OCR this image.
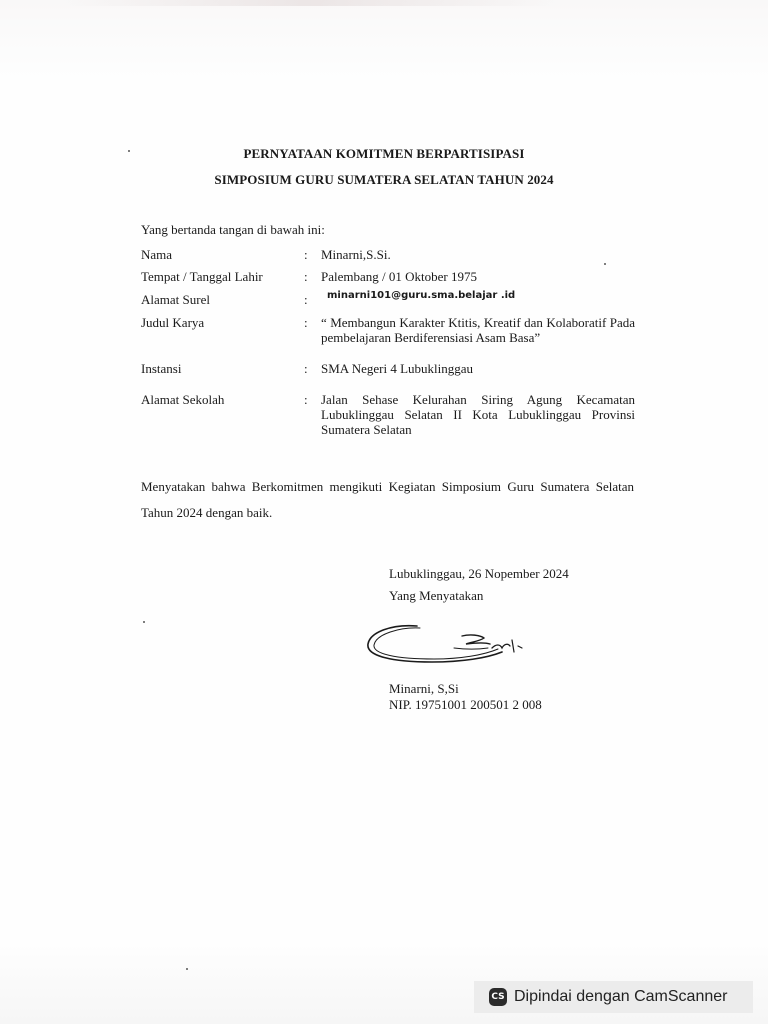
PERNYATAAN KOMITMEN BERPARTISIPASI
SIMPOSIUM GURU SUMATERA SELATAN TAHUN 2024
Yang bertanda tangan di bawah ini:
Nama	: Minarni,S.Si.
Tempat / Tanggal Lahir	: Palembang / 01 Oktober 1975
Alamat Surel	: minarni101@guru.sma.belajar .id
Judul Karya	: “ Membangun Karakter Ktitis, Kreatif dan Kolaboratif Pada pembelajaran Berdiferensiasi Asam Basa”
Instansi	: SMA Negeri 4 Lubuklinggau
Alamat Sekolah	: Jalan Sehase Kelurahan Siring Agung Kecamatan Lubuklinggau Selatan II Kota Lubuklinggau Provinsi Sumatera Selatan
Menyatakan bahwa Berkomitmen mengikuti Kegiatan Simposium Guru Sumatera Selatan Tahun 2024 dengan baik.
Lubuklinggau, 26 Nopember 2024
Yang Menyatakan
Minarni, S,Si
NIP. 19751001 200501 2 008
CS Dipindai dengan CamScanner
